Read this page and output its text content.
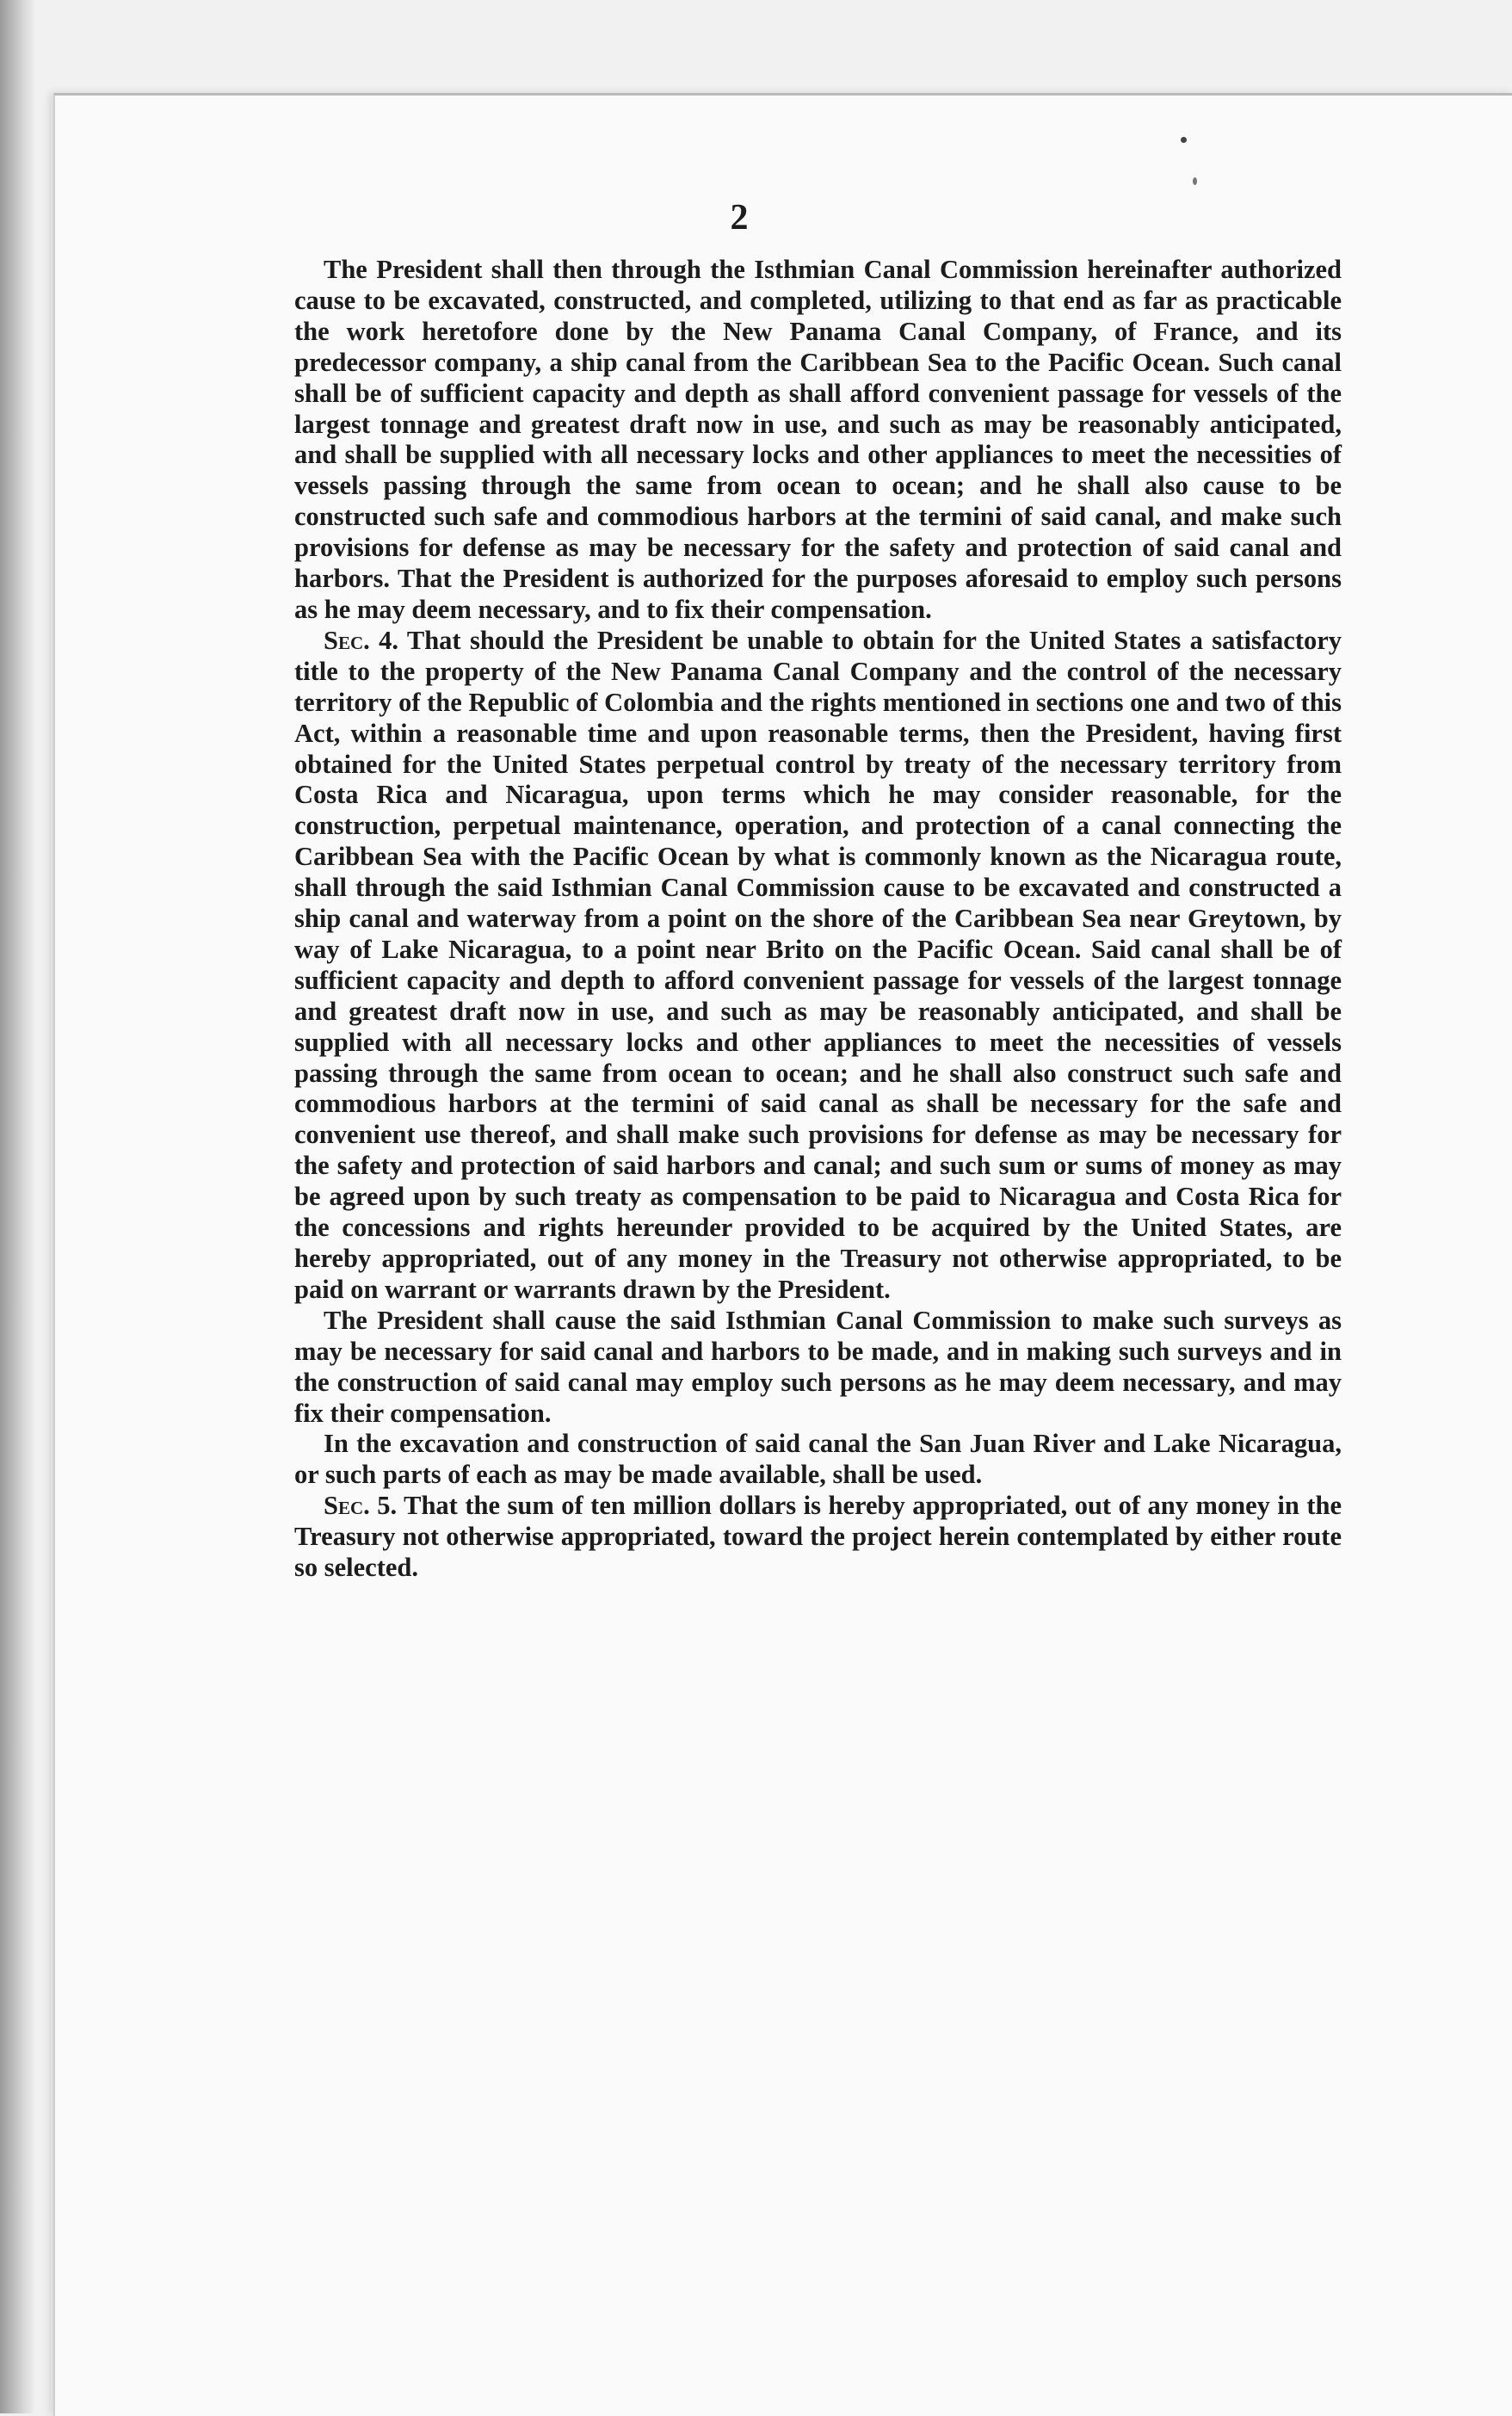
2

The President shall then through the Isthmian Canal Commission hereinafter authorized cause to be excavated, constructed, and completed, utilizing to that end as far as practicable the work heretofore done by the New Panama Canal Company, of France, and its predecessor company, a ship canal from the Caribbean Sea to the Pacific Ocean. Such canal shall be of sufficient capacity and depth as shall afford convenient passage for vessels of the largest tonnage and greatest draft now in use, and such as may be reasonably anticipated, and shall be supplied with all necessary locks and other appliances to meet the necessities of vessels passing through the same from ocean to ocean; and he shall also cause to be constructed such safe and commodious harbors at the termini of said canal, and make such provisions for defense as may be necessary for the safety and protection of said canal and harbors. That the President is authorized for the purposes aforesaid to employ such persons as he may deem necessary, and to fix their compensation.

Sec. 4. That should the President be unable to obtain for the United States a satisfactory title to the property of the New Panama Canal Company and the control of the necessary territory of the Republic of Colombia and the rights mentioned in sections one and two of this Act, within a reasonable time and upon reasonable terms, then the President, having first obtained for the United States perpetual control by treaty of the necessary territory from Costa Rica and Nicaragua, upon terms which he may consider reasonable, for the construction, perpetual maintenance, operation, and protection of a canal connecting the Caribbean Sea with the Pacific Ocean by what is commonly known as the Nicaragua route, shall through the said Isthmian Canal Commission cause to be excavated and constructed a ship canal and waterway from a point on the shore of the Caribbean Sea near Greytown, by way of Lake Nicaragua, to a point near Brito on the Pacific Ocean. Said canal shall be of sufficient capacity and depth to afford convenient passage for vessels of the largest tonnage and greatest draft now in use, and such as may be reasonably anticipated, and shall be supplied with all necessary locks and other appliances to meet the necessities of vessels passing through the same from ocean to ocean; and he shall also construct such safe and commodious harbors at the termini of said canal as shall be necessary for the safe and convenient use thereof, and shall make such provisions for defense as may be necessary for the safety and protection of said harbors and canal; and such sum or sums of money as may be agreed upon by such treaty as compensation to be paid to Nicaragua and Costa Rica for the concessions and rights hereunder provided to be acquired by the United States, are hereby appropriated, out of any money in the Treasury not otherwise appropriated, to be paid on warrant or warrants drawn by the President.

The President shall cause the said Isthmian Canal Commission to make such surveys as may be necessary for said canal and harbors to be made, and in making such surveys and in the construction of said canal may employ such persons as he may deem necessary, and may fix their compensation.

In the excavation and construction of said canal the San Juan River and Lake Nicaragua, or such parts of each as may be made available, shall be used.

Sec. 5. That the sum of ten million dollars is hereby appropriated, out of any money in the Treasury not otherwise appropriated, toward the project herein contemplated by either route so selected.
